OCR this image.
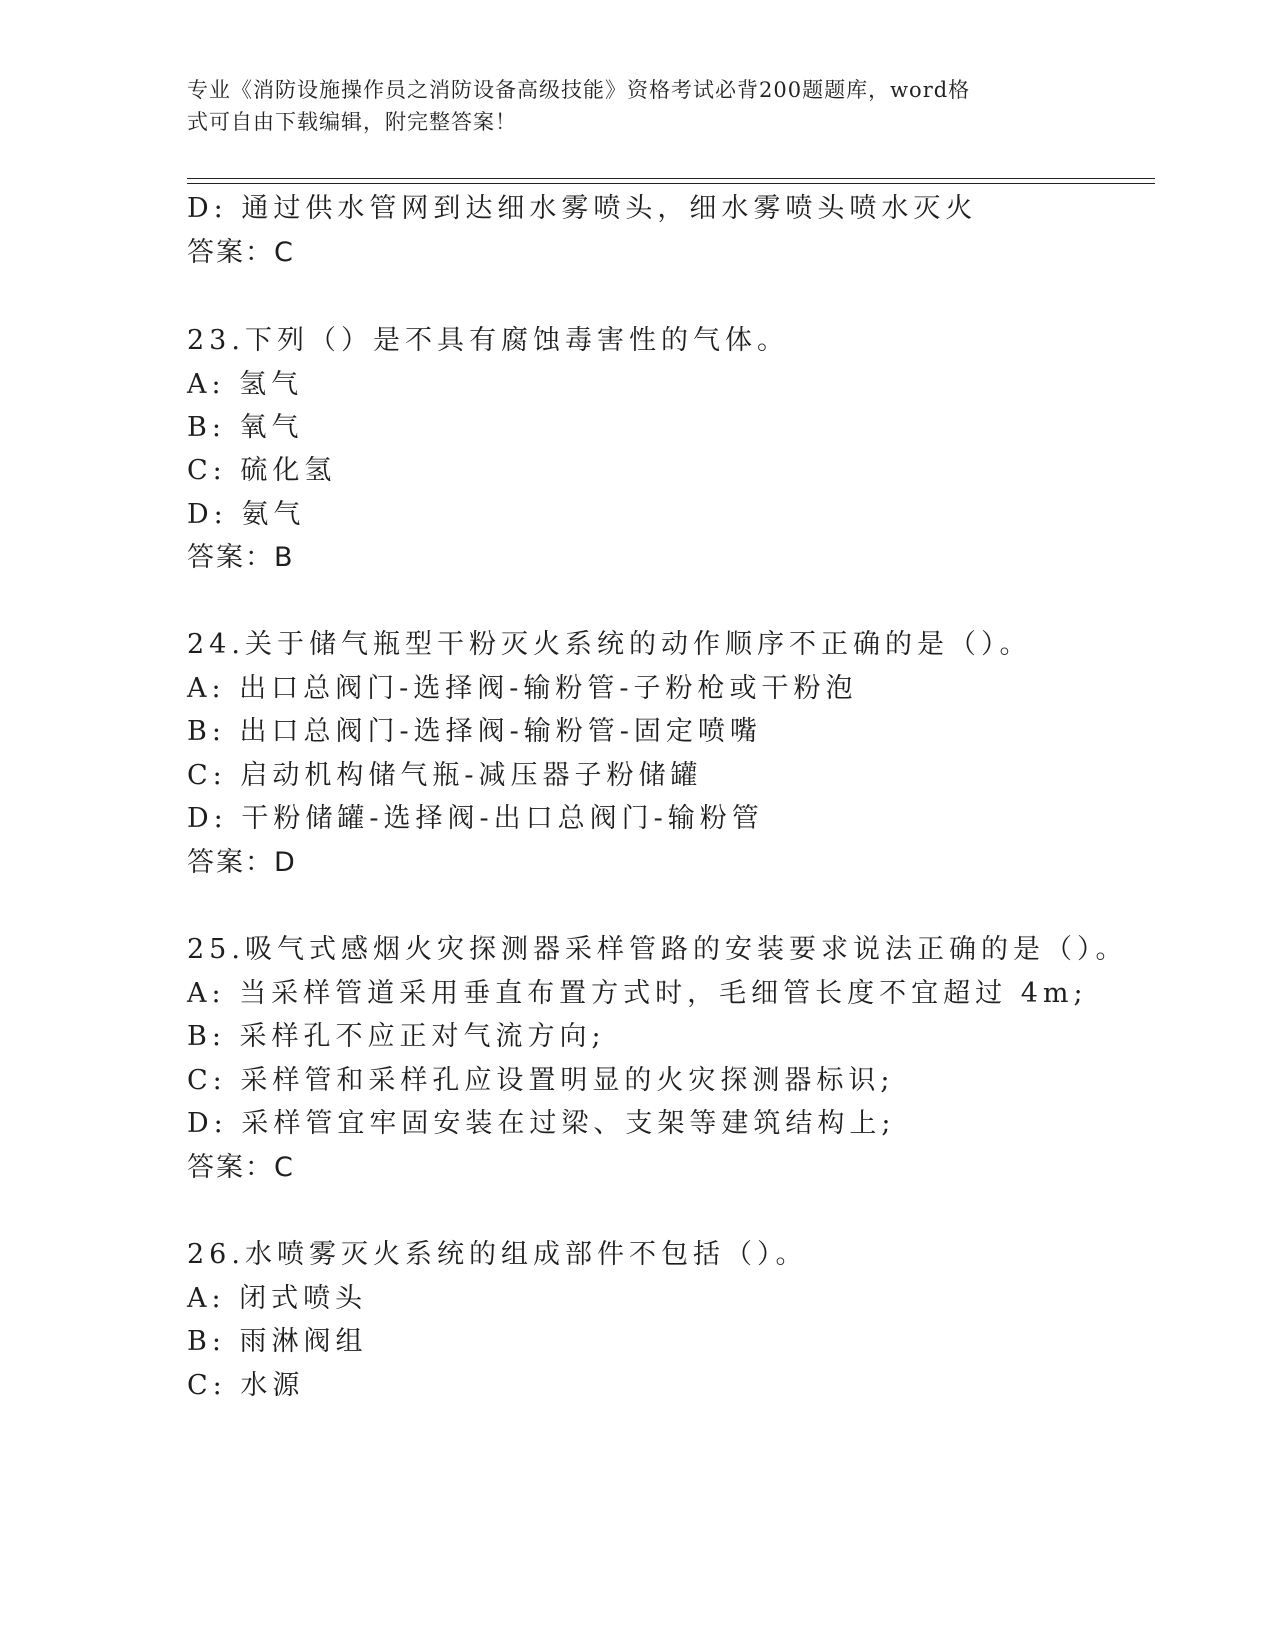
专业《消防设施操作员之消防设备高级技能》资格考试必背200题题库，word格
式可自由下载编辑，附完整答案！
D: 通过供水管网到达细水雾喷头，细水雾喷头喷水灭火
答案：C
23.下列（）是不具有腐蚀毒害性的气体。
A: 氢气
B: 氧气
C: 硫化氢
D: 氨气
答案：B
24.关于储气瓶型干粉灭火系统的动作顺序不正确的是（）。
A: 出口总阀门-选择阀-输粉管-子粉枪或干粉泡
B: 出口总阀门-选择阀-输粉管-固定喷嘴
C: 启动机构储气瓶-减压器子粉储罐
D: 干粉储罐-选择阀-出口总阀门-输粉管
答案：D
25.吸气式感烟火灾探测器采样管路的安装要求说法正确的是（）。
A: 当采样管道采用垂直布置方式时，毛细管长度不宜超过 4m;
B: 采样孔不应正对气流方向;
C: 采样管和采样孔应设置明显的火灾探测器标识;
D: 采样管宜牢固安装在过梁、支架等建筑结构上;
答案：C
26.水喷雾灭火系统的组成部件不包括（）。
A: 闭式喷头
B: 雨淋阀组
C: 水源
